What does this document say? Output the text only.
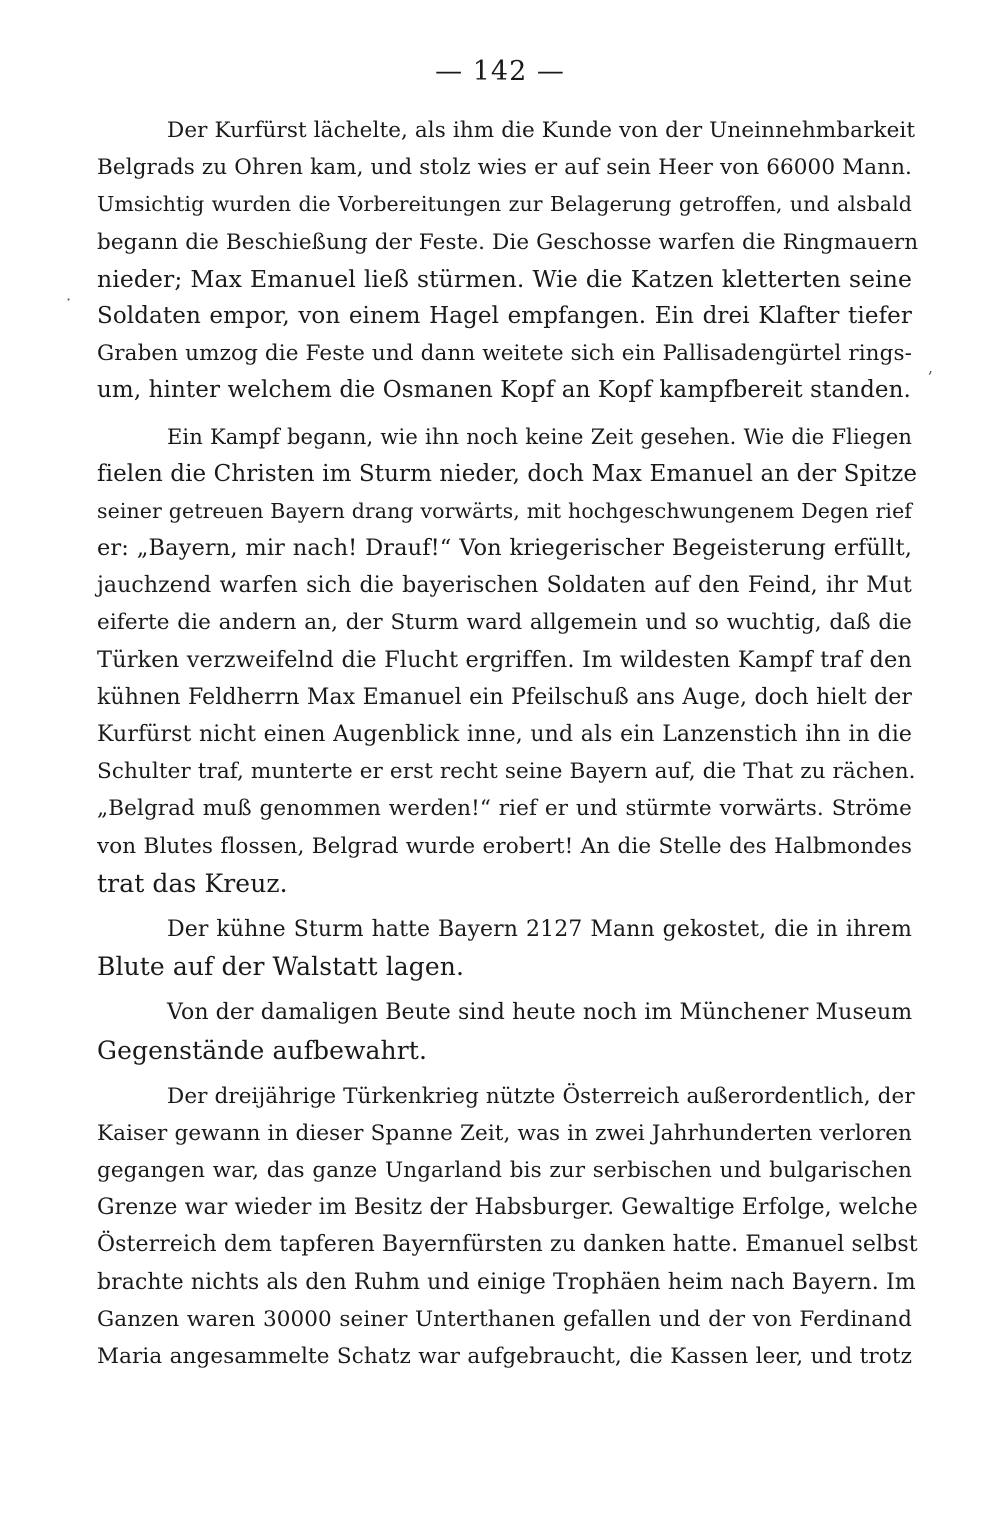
— 142 —
·
,
Der Kurfürst lächelte, als ihm die Kunde von der Uneinnehmbarkeit
Belgrads zu Ohren kam, und stolz wies er auf sein Heer von 66000 Mann.
Umsichtig wurden die Vorbereitungen zur Belagerung getroffen, und alsbald
begann die Beschießung der Feste. Die Geschosse warfen die Ringmauern
nieder; Max Emanuel ließ stürmen. Wie die Katzen kletterten seine
Soldaten empor, von einem Hagel empfangen. Ein drei Klafter tiefer
Graben umzog die Feste und dann weitete sich ein Pallisadengürtel rings-
um, hinter welchem die Osmanen Kopf an Kopf kampfbereit standen.
Ein Kampf begann, wie ihn noch keine Zeit gesehen. Wie die Fliegen
fielen die Christen im Sturm nieder, doch Max Emanuel an der Spitze
seiner getreuen Bayern drang vorwärts, mit hochgeschwungenem Degen rief
er: „Bayern, mir nach! Drauf!“ Von kriegerischer Begeisterung erfüllt,
jauchzend warfen sich die bayerischen Soldaten auf den Feind, ihr Mut
eiferte die andern an, der Sturm ward allgemein und so wuchtig, daß die
Türken verzweifelnd die Flucht ergriffen. Im wildesten Kampf traf den
kühnen Feldherrn Max Emanuel ein Pfeilschuß ans Auge, doch hielt der
Kurfürst nicht einen Augenblick inne, und als ein Lanzenstich ihn in die
Schulter traf, munterte er erst recht seine Bayern auf, die That zu rächen.
„Belgrad muß genommen werden!“ rief er und stürmte vorwärts. Ströme
von Blutes flossen, Belgrad wurde erobert! An die Stelle des Halbmondes
trat das Kreuz.
Der kühne Sturm hatte Bayern 2127 Mann gekostet, die in ihrem
Blute auf der Walstatt lagen.
Von der damaligen Beute sind heute noch im Münchener Museum
Gegenstände aufbewahrt.
Der dreijährige Türkenkrieg nützte Österreich außerordentlich, der
Kaiser gewann in dieser Spanne Zeit, was in zwei Jahrhunderten verloren
gegangen war, das ganze Ungarland bis zur serbischen und bulgarischen
Grenze war wieder im Besitz der Habsburger. Gewaltige Erfolge, welche
Österreich dem tapferen Bayernfürsten zu danken hatte. Emanuel selbst
brachte nichts als den Ruhm und einige Trophäen heim nach Bayern. Im
Ganzen waren 30000 seiner Unterthanen gefallen und der von Ferdinand
Maria angesammelte Schatz war aufgebraucht, die Kassen leer, und trotz
